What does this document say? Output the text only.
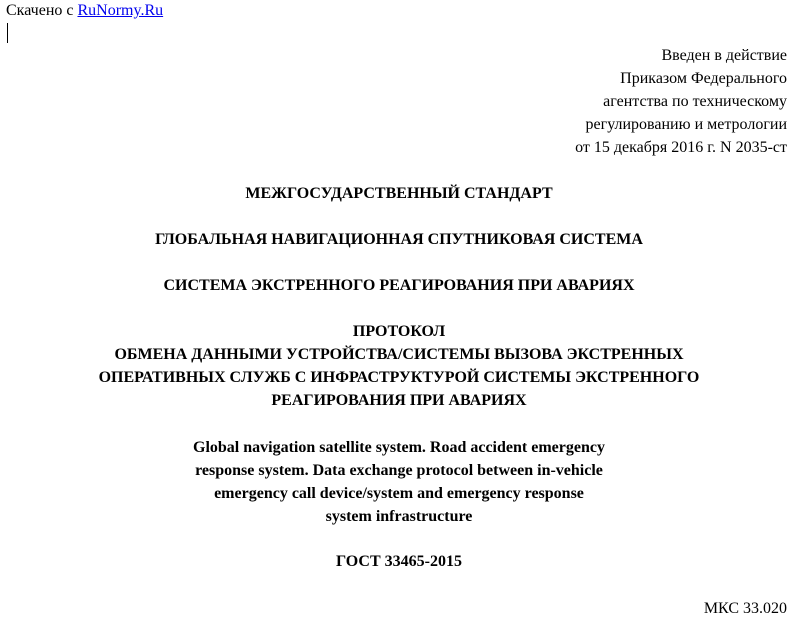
Скачено с RuNormy.Ru
Введен в действие
Приказом Федерального
агентства по техническому
регулированию и метрологии
от 15 декабря 2016 г. N 2035-ст
МЕЖГОСУДАРСТВЕННЫЙ СТАНДАРТ
ГЛОБАЛЬНАЯ НАВИГАЦИОННАЯ СПУТНИКОВАЯ СИСТЕМА
СИСТЕМА ЭКСТРЕННОГО РЕАГИРОВАНИЯ ПРИ АВАРИЯХ
ПРОТОКОЛ
ОБМЕНА ДАННЫМИ УСТРОЙСТВА/СИСТЕМЫ ВЫЗОВА ЭКСТРЕННЫХ
ОПЕРАТИВНЫХ СЛУЖБ С ИНФРАСТРУКТУРОЙ СИСТЕМЫ ЭКСТРЕННОГО
РЕАГИРОВАНИЯ ПРИ АВАРИЯХ
Global navigation satellite system. Road accident emergency
response system. Data exchange protocol between in-vehicle
emergency call device/system and emergency response
system infrastructure
ГОСТ 33465-2015
МКС 33.020
